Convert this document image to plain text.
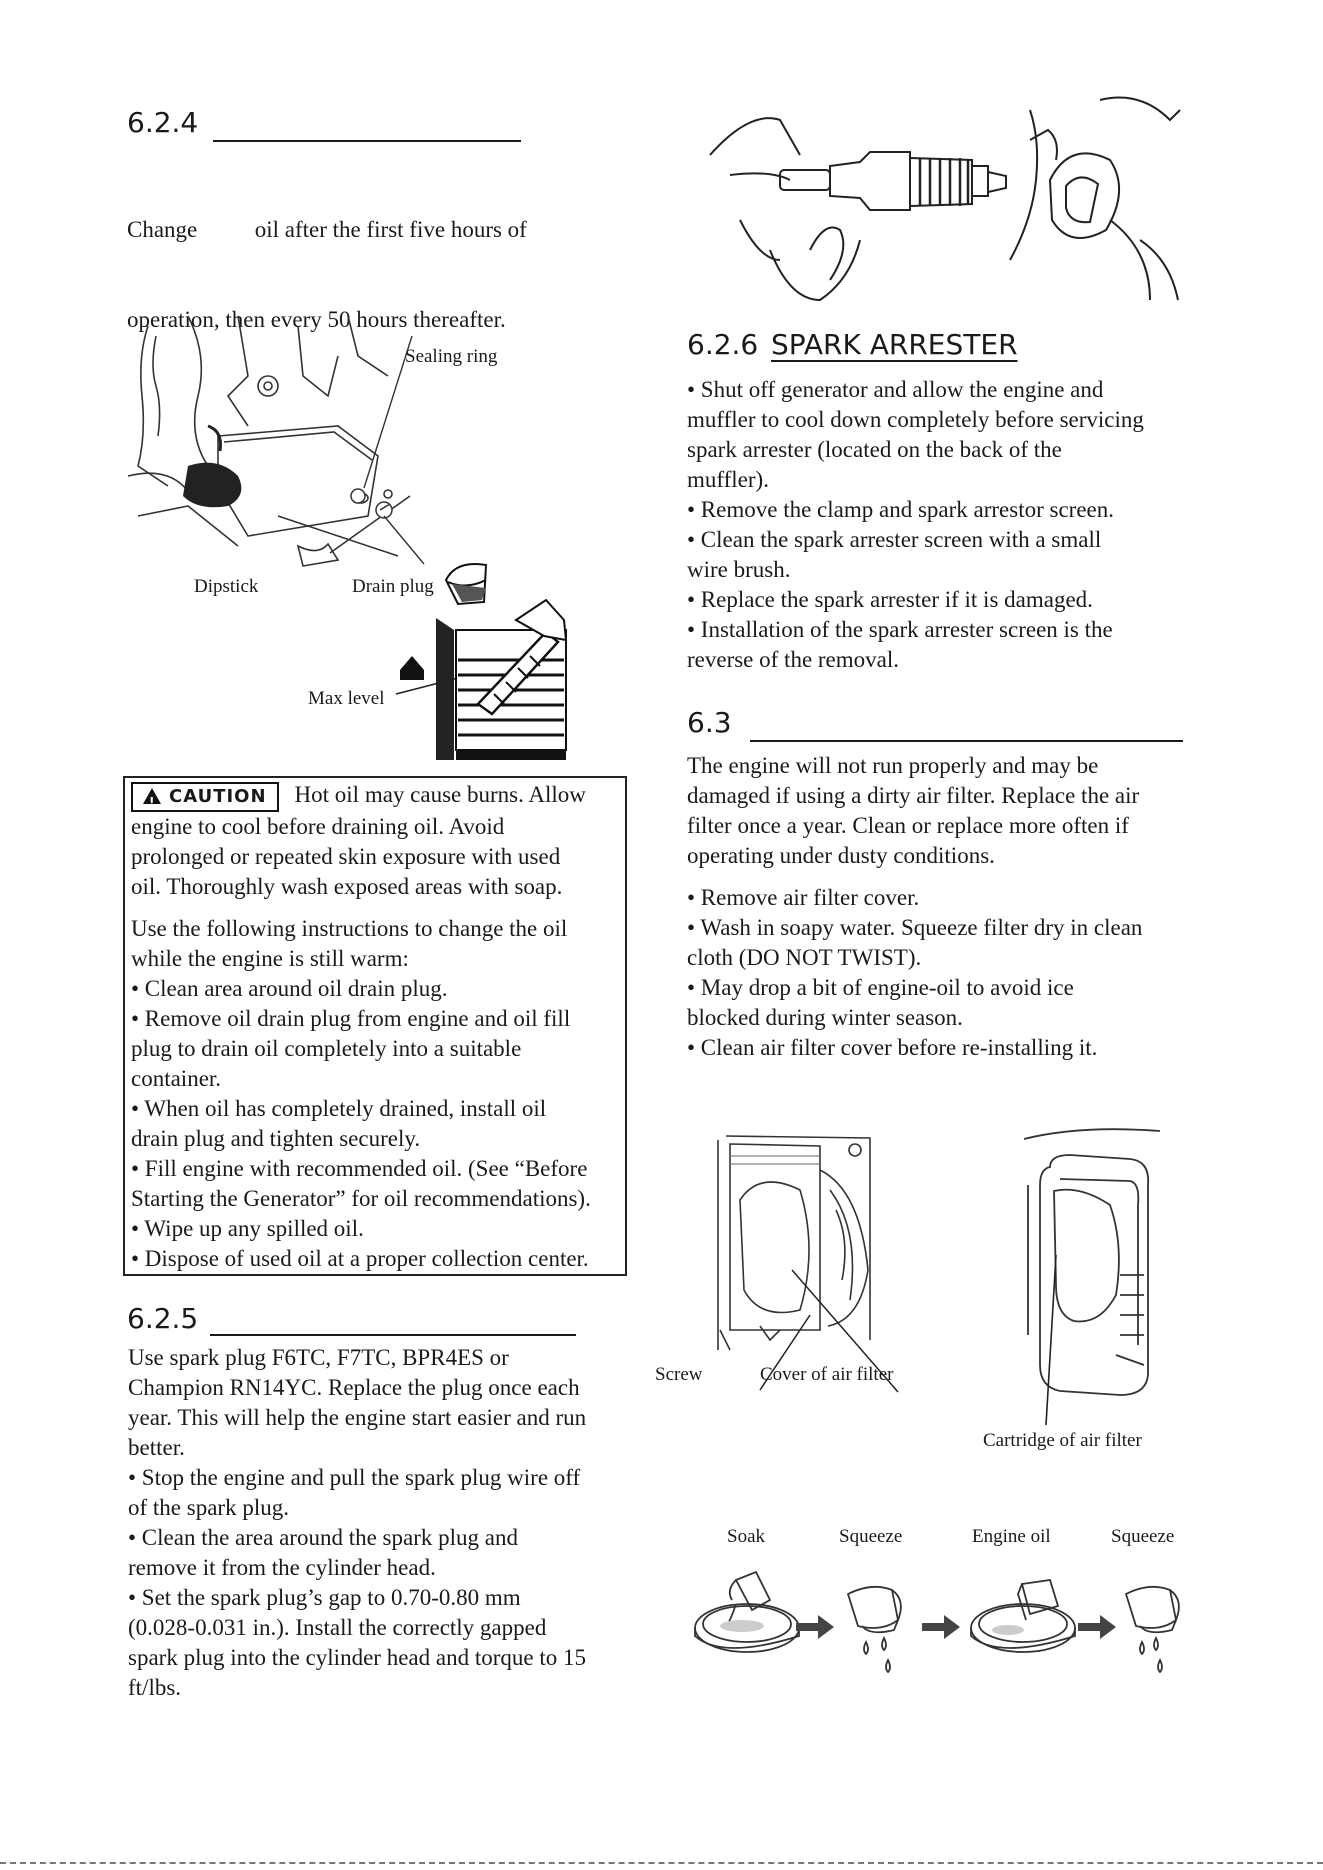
6.2.4

Change          oil after the first five hours of

operation, then every 50 hours thereafter.

Sealing ring
Dipstick	Drain plug
Max level

!CAUTION Hot oil may cause burns. Allow

engine to cool before draining oil. Avoid

prolonged or repeated skin exposure with used

oil. Thoroughly wash exposed areas with soap.

Use the following instructions to change the oil

while the engine is still warm:

• Clean area around oil drain plug.

• Remove oil drain plug from engine and oil fill

plug to drain oil completely into a suitable

container.

• When oil has completely drained, install oil

drain plug and tighten securely.

• Fill engine with recommended oil. (See “Before

Starting the Generator” for oil recommendations).

• Wipe up any spilled oil.

• Dispose of used oil at a proper collection center.

6.2.5

Use spark plug F6TC, F7TC, BPR4ES or

Champion RN14YC. Replace the plug once each

year. This will help the engine start easier and run

better.

• Stop the engine and pull the spark plug wire off

of the spark plug.

• Clean the area around the spark plug and

remove it from the cylinder head.

• Set the spark plug’s gap to 0.70-0.80 mm

(0.028-0.031 in.). Install the correctly gapped

spark plug into the cylinder head and torque to 15

ft/lbs.

6.2.6 SPARK ARRESTER

• Shut off generator and allow the engine and

muffler to cool down completely before servicing

spark arrester (located on the back of the

muffler).

• Remove the clamp and spark arrestor screen.

• Clean the spark arrester screen with a small

wire brush.

• Replace the spark arrester if it is damaged.

• Installation of the spark arrester screen is the

reverse of the removal.

6.3

The engine will not run properly and may be

damaged if using a dirty air filter. Replace the air

filter once a year. Clean or replace more often if

operating under dusty conditions.

• Remove air filter cover.

• Wash in soapy water. Squeeze filter dry in clean

cloth (DO NOT TWIST).

• May drop a bit of engine-oil to avoid ice

blocked during winter season.

• Clean air filter cover before re-installing it.

Screw	Cover of air filter
Cartridge of air filter
Soak	Squeeze	Engine oil	Squeeze
